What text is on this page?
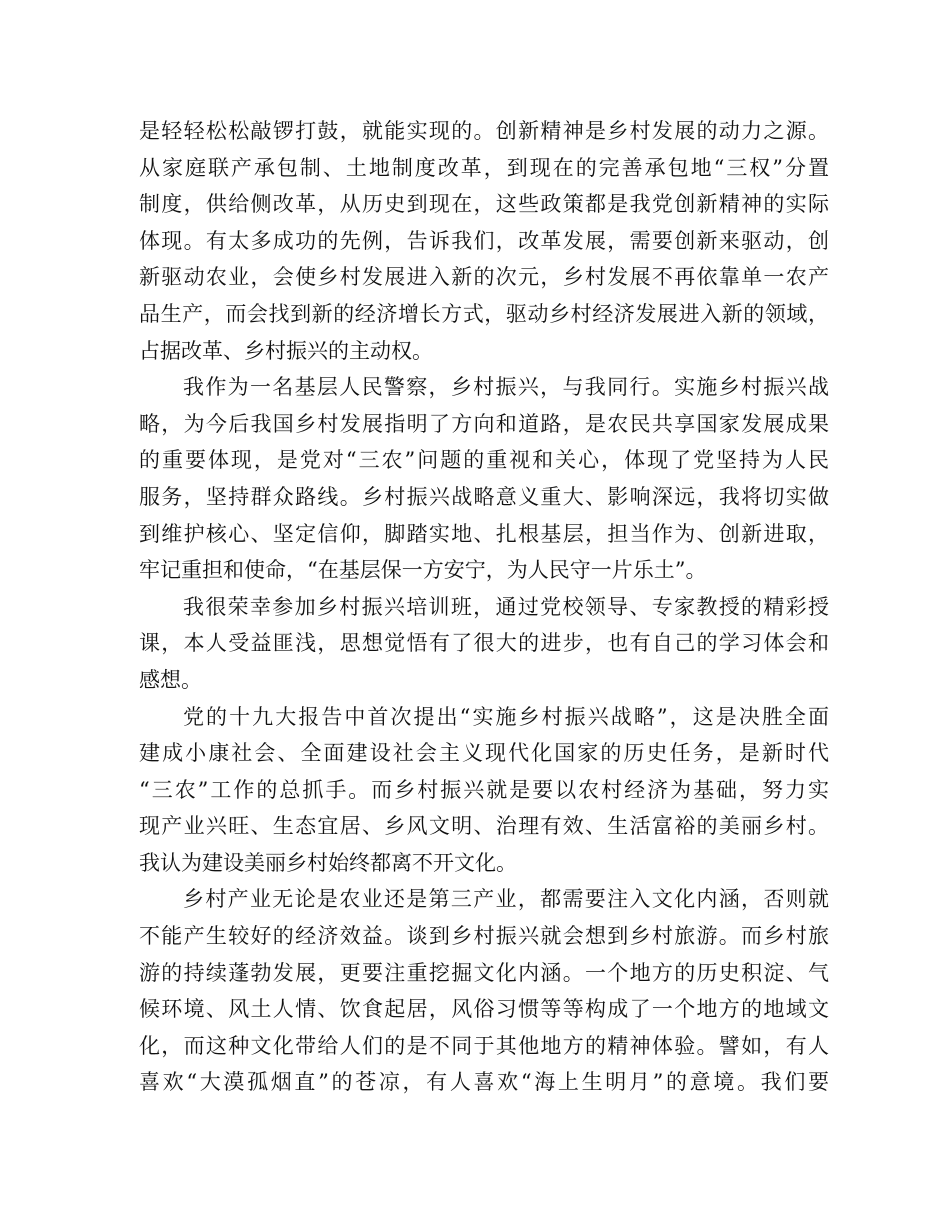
是轻轻松松敲锣打鼓，就能实现的。创新精神是乡村发展的动力之源。
从家庭联产承包制、土地制度改革，到现在的完善承包地“三权”分置
制度，供给侧改革，从历史到现在，这些政策都是我党创新精神的实际
体现。有太多成功的先例，告诉我们，改革发展，需要创新来驱动，创
新驱动农业，会使乡村发展进入新的次元，乡村发展不再依靠单一农产
品生产，而会找到新的经济增长方式，驱动乡村经济发展进入新的领域，
占据改革、乡村振兴的主动权。
我作为一名基层人民警察，乡村振兴，与我同行。实施乡村振兴战
略，为今后我国乡村发展指明了方向和道路，是农民共享国家发展成果
的重要体现，是党对“三农”问题的重视和关心，体现了党坚持为人民
服务，坚持群众路线。乡村振兴战略意义重大、影响深远，我将切实做
到维护核心、坚定信仰，脚踏实地、扎根基层，担当作为、创新进取，
牢记重担和使命，“在基层保一方安宁，为人民守一片乐土”。
我很荣幸参加乡村振兴培训班，通过党校领导、专家教授的精彩授
课，本人受益匪浅，思想觉悟有了很大的进步，也有自己的学习体会和
感想。
党的十九大报告中首次提出“实施乡村振兴战略”，这是决胜全面
建成小康社会、全面建设社会主义现代化国家的历史任务，是新时代
“三农”工作的总抓手。而乡村振兴就是要以农村经济为基础，努力实
现产业兴旺、生态宜居、乡风文明、治理有效、生活富裕的美丽乡村。
我认为建设美丽乡村始终都离不开文化。
乡村产业无论是农业还是第三产业，都需要注入文化内涵，否则就
不能产生较好的经济效益。谈到乡村振兴就会想到乡村旅游。而乡村旅
游的持续蓬勃发展，更要注重挖掘文化内涵。一个地方的历史积淀、气
候环境、风土人情、饮食起居，风俗习惯等等构成了一个地方的地域文
化，而这种文化带给人们的是不同于其他地方的精神体验。譬如，有人
喜欢“大漠孤烟直”的苍凉，有人喜欢“海上生明月”的意境。我们要
